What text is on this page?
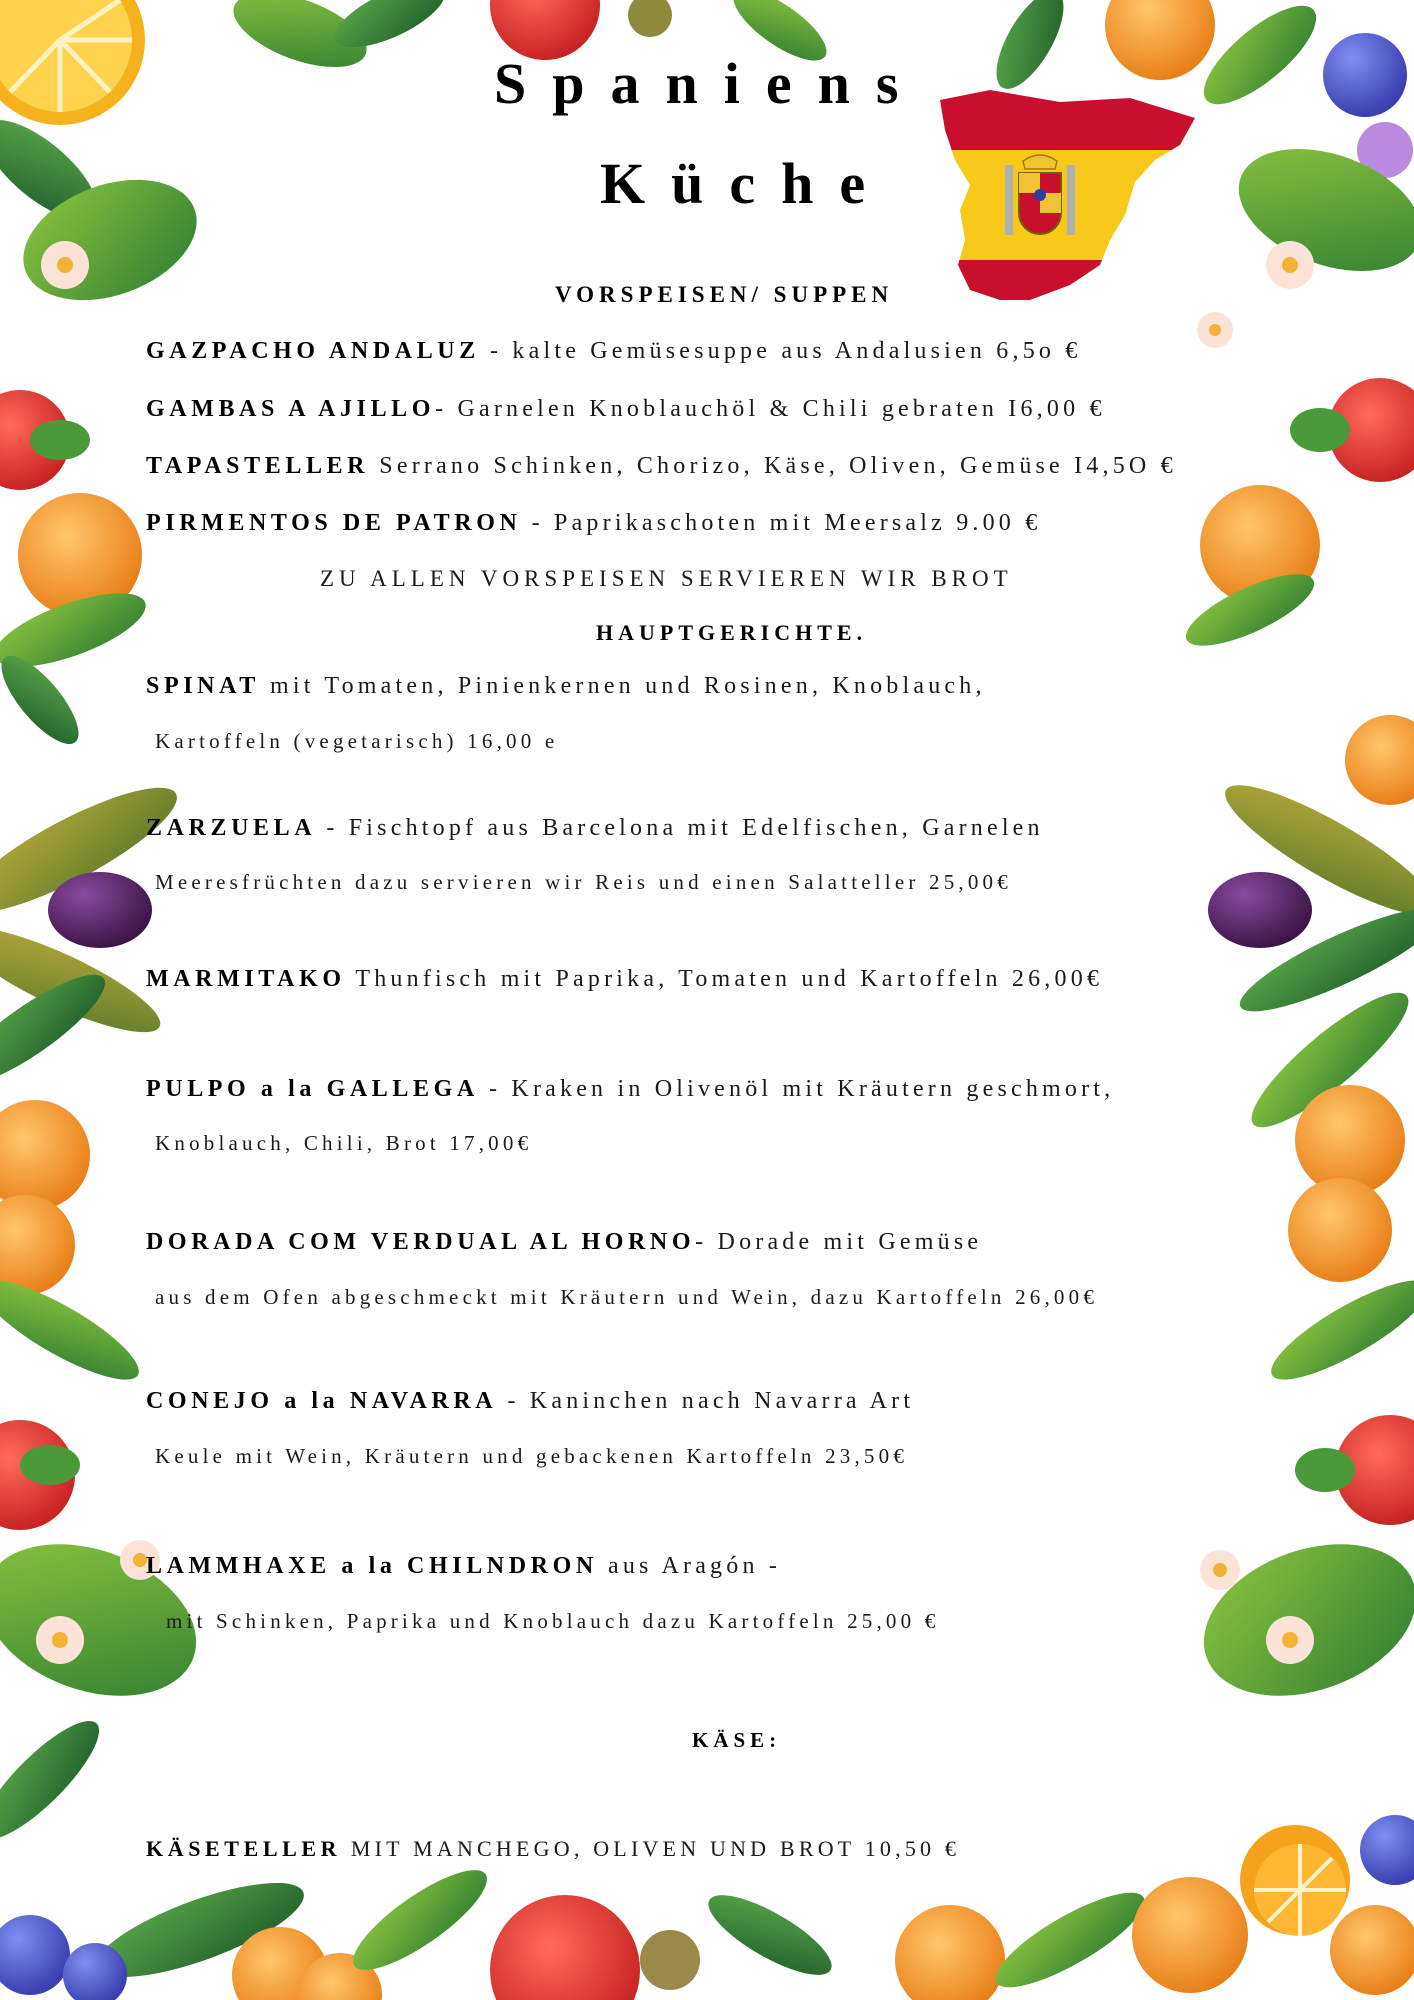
Spaniens
Küche
VORSPEISEN/ SUPPEN
GAZPACHO ANDALUZ - kalte Gemüsesuppe aus Andalusien 6,5o €
GAMBAS A AJILLO- Garnelen Knoblauchöl & Chili gebraten I6,00 €
TAPASTELLER Serrano Schinken, Chorizo, Käse, Oliven, Gemüse I4,5O €
PIRMENTOS DE PATRON - Paprikaschoten mit Meersalz 9.00 €
ZU ALLEN VORSPEISEN SERVIEREN WIR BROT
HAUPTGERICHTE.
SPINAT mit Tomaten, Pinienkernen und Rosinen, Knoblauch,
Kartoffeln (vegetarisch) 16,00 e
ZARZUELA - Fischtopf aus Barcelona mit Edelfischen, Garnelen
Meeresfrüchten dazu servieren wir Reis und einen Salatteller 25,00€
MARMITAKO Thunfisch mit Paprika, Tomaten und Kartoffeln 26,00€
PULPO a la GALLEGA - Kraken in Olivenöl mit Kräutern geschmort,
Knoblauch, Chili, Brot 17,00€
DORADA COM VERDUAL AL HORNO- Dorade mit Gemüse
aus dem Ofen abgeschmeckt mit Kräutern und Wein, dazu Kartoffeln 26,00€
CONEJO a la NAVARRA - Kaninchen nach Navarra Art
Keule mit Wein, Kräutern und gebackenen Kartoffeln 23,50€
LAMMHAXE a la CHILNDRON aus Aragón -
mit Schinken, Paprika und Knoblauch dazu Kartoffeln 25,00 €
KÄSE:
KÄSETELLER MIT MANCHEGO, OLIVEN UND BROT 10,50 €
